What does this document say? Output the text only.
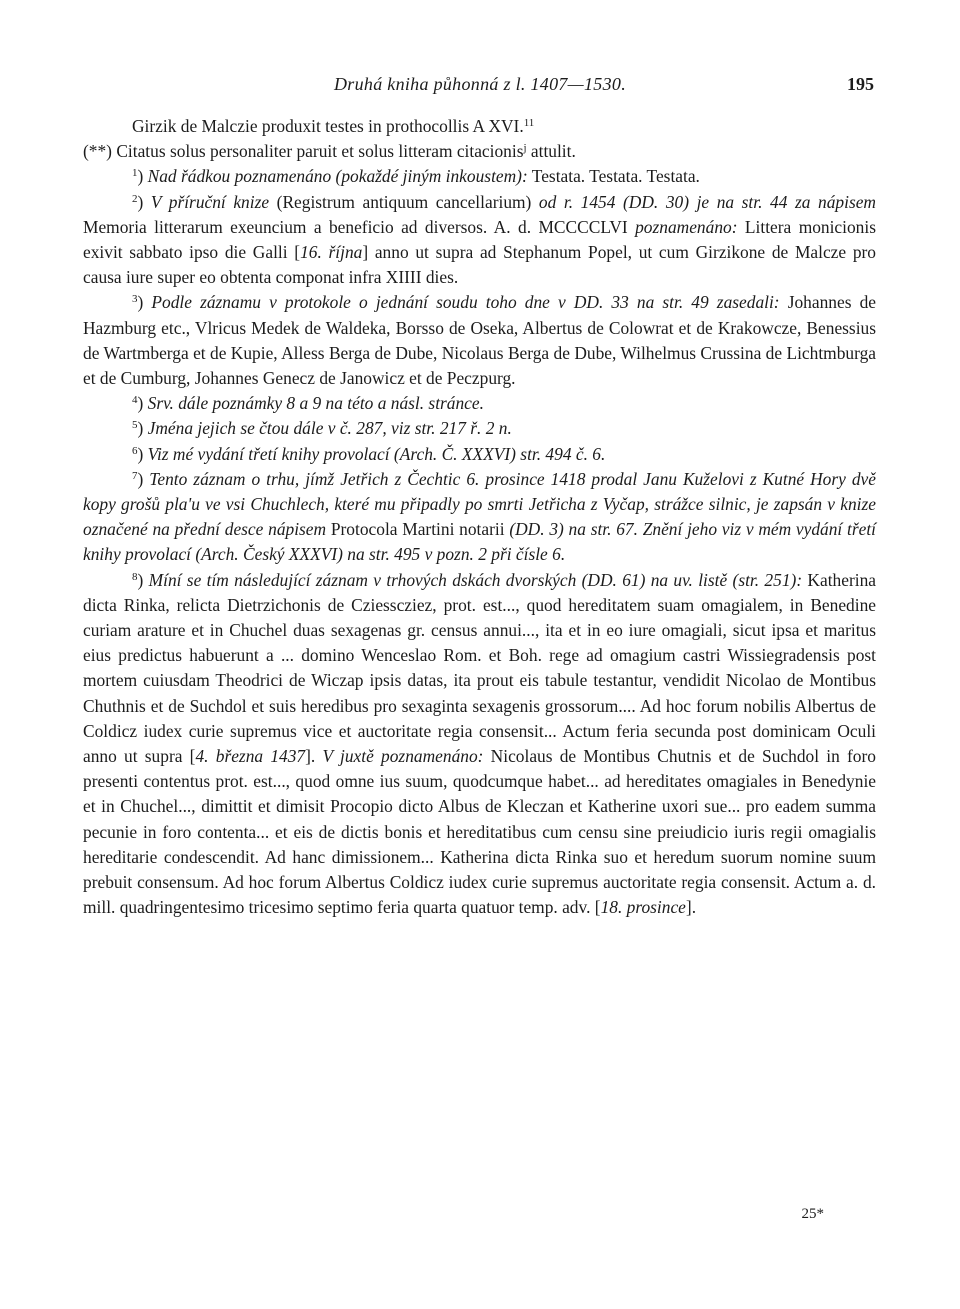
Druhá kniha půhonná z l. 1407—1530.	195

Girzik de Malczie produxit testes in prothocollis A XVI.$^{11}$

(**) Citatus solus personaliter paruit et solus litteram citacionis$^j$ attulit.

$^1$) Nad řádkou poznamenáno (pokaždé jiným inkoustem): Testata. Testata. Testata.

$^2$) V příruční knize (Registrum antiquum cancellarium) od r. 1454 (DD. 30) je na str. 44 za nápisem Memoria litterarum exeuncium a beneficio ad diversos. A. d. MCCCCLVI poznamenáno: Littera monicionis exivit sabbato ipso die Galli [16. října] anno ut supra ad Stephanum Popel, ut cum Girzikone de Malcze pro causa iure super eo obtenta componat infra XIIII dies.

$^3$) Podle záznamu v protokole o jednání soudu toho dne v DD. 33 na str. 49 zasedali: Johannes de Hazmburg etc., Vlricus Medek de Waldeka, Borsso de Oseka, Albertus de Colowrat et de Krakowcze, Benessius de Wartmberga et de Kupie, Alless Berga de Dube, Nicolaus Berga de Dube, Wilhelmus Crussina de Lichtmburga et de Cumburg, Johannes Genecz de Janowicz et de Peczpurg.

$^4$) Srv. dále poznámky 8 a 9 na této a násl. stránce.

$^5$) Jména jejich se čtou dále v č. 287, viz str. 217 ř. 2 n.

$^6$) Viz mé vydání třetí knihy provolací (Arch. Č. XXXVI) str. 494 č. 6.

$^7$) Tento záznam o trhu, jímž Jetřich z Čechtic 6. prosince 1418 prodal Janu Kuželovi z Kutné Hory dvě kopy grošů pla'u ve vsi Chuchlech, které mu připadly po smrti Jetřicha z Vyčap, strážce silnic, je zapsán v knize označené na přední desce nápisem Protocola Martini notarii (DD. 3) na str. 67. Znění jeho viz v mém vydání třetí knihy provolací (Arch. Český XXXVI) na str. 495 v pozn. 2 při čísle 6.

$^8$) Míní se tím následující záznam v trhových dskách dvorských (DD. 61) na uv. listě (str. 251): Katherina dicta Rinka, relicta Dietrzichonis de Cziesscziez, prot. est..., quod hereditatem suam omagialem, in Benedine curiam arature et in Chuchel duas sexagenas gr. census annui..., ita et in eo iure omagiali, sicut ipsa et maritus eius predictus habuerunt a ... domino Wenceslao Rom. et Boh. rege ad omagium castri Wissiegradensis post mortem cuiusdam Theodrici de Wiczap ipsis datas, ita prout eis tabule testantur, vendidit Nicolao de Montibus Chuthnis et de Suchdol et suis heredibus pro sexaginta sexagenis grossorum.... Ad hoc forum nobilis Albertus de Coldicz iudex curie supremus vice et auctoritate regia consensit... Actum feria secunda post dominicam Oculi anno ut supra [4. března 1437]. V juxtě poznamenáno: Nicolaus de Montibus Chutnis et de Suchdol in foro presenti contentus prot. est..., quod omne ius suum, quodcumque habet... ad hereditates omagiales in Benedynie et in Chuchel..., dimittit et dimisit Procopio dicto Albus de Kleczan et Katherine uxori sue... pro eadem summa pecunie in foro contenta... et eis de dictis bonis et hereditatibus cum censu sine preiudicio iuris regii omagialis hereditarie condescendit. Ad hanc dimissionem... Katherina dicta Rinka suo et heredum suorum nomine suum prebuit consensum. Ad hoc forum Albertus Coldicz iudex curie supremus auctoritate regia consensit. Actum a. d. mill. quadringentesimo tricesimo septimo feria quarta quatuor temp. adv. [18. prosince].

25*
